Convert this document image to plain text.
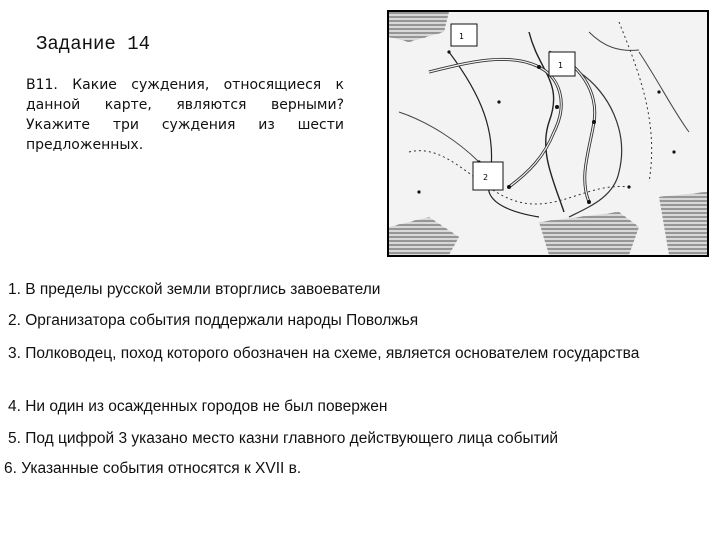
Задание 14
В11. Какие суждения, относящиеся к данной карте, являются верными? Укажите три суждения из шести предложенных.
1
1
2
1. В пределы русской земли вторглись завоеватели
2. Организатора события поддержали народы Поволжья
3. Полководец, поход которого обозначен на схеме, является основателем государства
4. Ни один из осажденных городов не был повержен
5. Под цифрой 3 указано место казни главного действующего лица событий
6. Указанные события относятся к XVII в.
